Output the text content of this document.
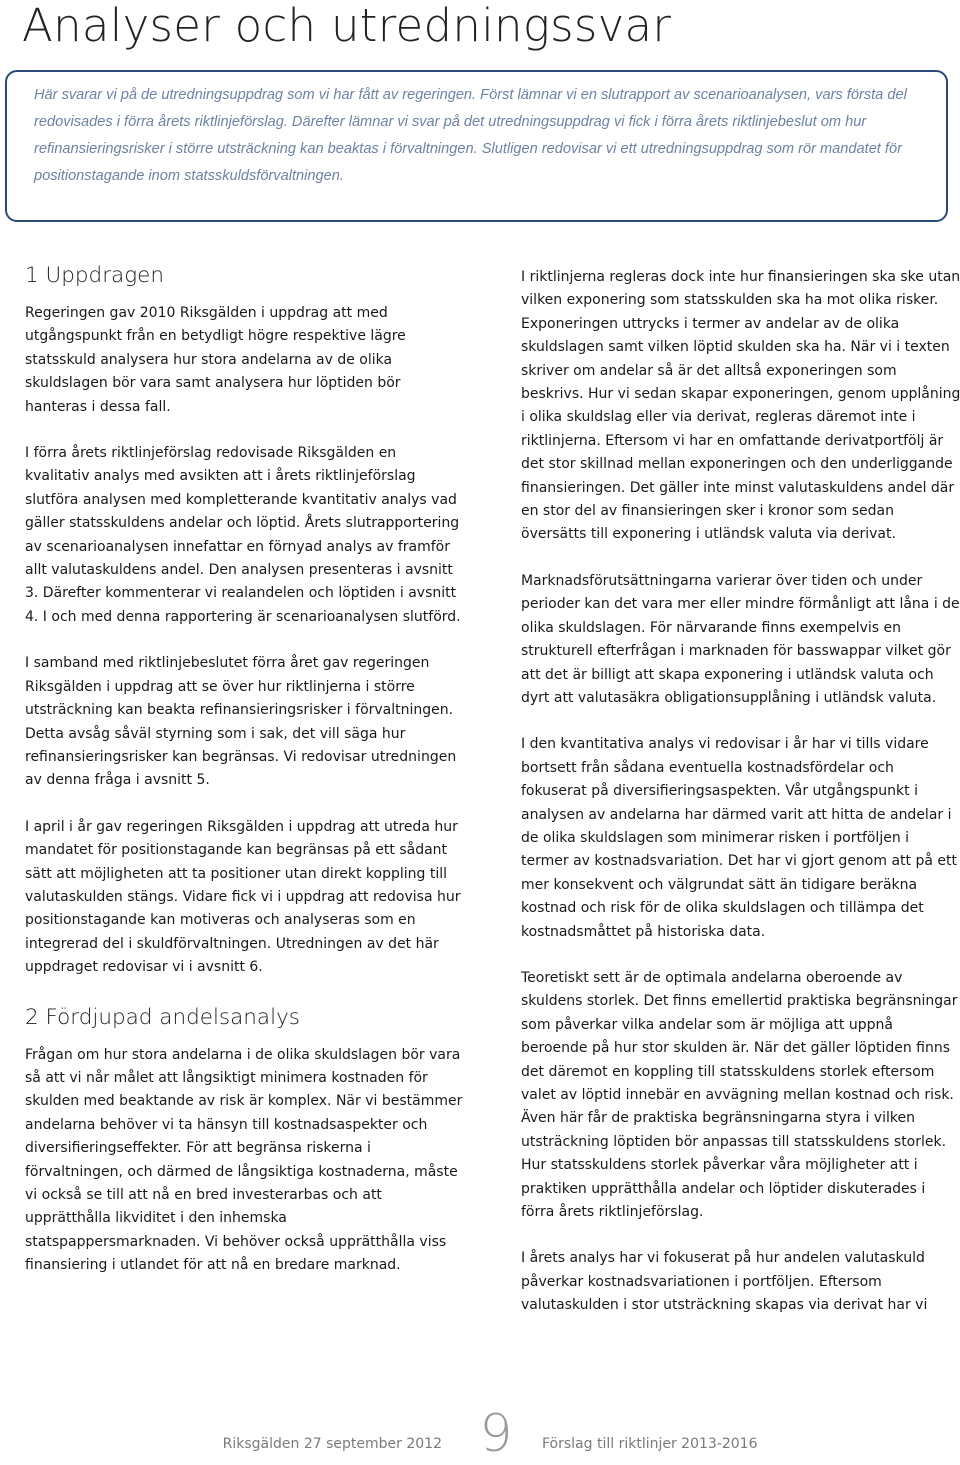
Analyser och utredningssvar

Här svarar vi på de utredningsuppdrag som vi har fått av regeringen. Först lämnar vi en slutrapport av scenarioanalysen, vars första del redovisades i förra årets riktlinjeförslag. Därefter lämnar vi svar på det utredningsuppdrag vi fick i förra årets riktlinjebeslut om hur refinansieringsrisker i större utsträckning kan beaktas i förvaltningen. Slutligen redovisar vi ett utredningsuppdrag som rör mandatet för positionstagande inom statsskuldsförvaltningen.

1 Uppdragen

Regeringen gav 2010 Riksgälden i uppdrag att med utgångspunkt från en betydligt högre respektive lägre statsskuld analysera hur stora andelarna av de olika skuldslagen bör vara samt analysera hur löptiden bör hanteras i dessa fall.

I förra årets riktlinjeförslag redovisade Riksgälden en kvalitativ analys med avsikten att i årets riktlinjeförslag slutföra analysen med kompletterande kvantitativ analys vad gäller statsskuldens andelar och löptid. Årets slutrapportering av scenarioanalysen innefattar en förnyad analys av framför allt valutaskuldens andel. Den analysen presenteras i avsnitt 3. Därefter kommenterar vi realandelen och löptiden i avsnitt 4. I och med denna rapportering är scenarioanalysen slutförd.

I samband med riktlinjebeslutet förra året gav regeringen Riksgälden i uppdrag att se över hur riktlinjerna i större utsträckning kan beakta refinansieringsrisker i förvaltningen. Detta avsåg såväl styrning som i sak, det vill säga hur refinansieringsrisker kan begränsas. Vi redovisar utredningen av denna fråga i avsnitt 5.

I april i år gav regeringen Riksgälden i uppdrag att utreda hur mandatet för positionstagande kan begränsas på ett sådant sätt att möjligheten att ta positioner utan direkt koppling till valutaskulden stängs. Vidare fick vi i uppdrag att redovisa hur positionstagande kan motiveras och analyseras som en integrerad del i skuldförvaltningen. Utredningen av det här uppdraget redovisar vi i avsnitt 6.

2 Fördjupad andelsanalys

Frågan om hur stora andelarna i de olika skuldslagen bör vara så att vi når målet att långsiktigt minimera kostnaden för skulden med beaktande av risk är komplex. När vi bestämmer andelarna behöver vi ta hänsyn till kostnadsaspekter och diversifieringseffekter. För att begränsa riskerna i förvaltningen, och därmed de långsiktiga kostnaderna, måste vi också se till att nå en bred investerarbas och att upprätthålla likviditet i den inhemska statspappersmarknaden. Vi behöver också upprätthålla viss finansiering i utlandet för att nå en bredare marknad.

I riktlinjerna regleras dock inte hur finansieringen ska ske utan vilken exponering som statsskulden ska ha mot olika risker. Exponeringen uttrycks i termer av andelar av de olika skuldslagen samt vilken löptid skulden ska ha. När vi i texten skriver om andelar så är det alltså exponeringen som beskrivs. Hur vi sedan skapar exponeringen, genom upplåning i olika skuldslag eller via derivat, regleras däremot inte i riktlinjerna. Eftersom vi har en omfattande derivatportfölj är det stor skillnad mellan exponeringen och den underliggande finansieringen. Det gäller inte minst valutaskuldens andel där en stor del av finansieringen sker i kronor som sedan översätts till exponering i utländsk valuta via derivat.

Marknadsförutsättningarna varierar över tiden och under perioder kan det vara mer eller mindre förmånligt att låna i de olika skuldslagen. För närvarande finns exempelvis en strukturell efterfrågan i marknaden för basswappar vilket gör att det är billigt att skapa exponering i utländsk valuta och dyrt att valutasäkra obligationsupplåning i utländsk valuta.

I den kvantitativa analys vi redovisar i år har vi tills vidare bortsett från sådana eventuella kostnadsfördelar och fokuserat på diversifieringsaspekten. Vår utgångspunkt i analysen av andelarna har därmed varit att hitta de andelar i de olika skuldslagen som minimerar risken i portföljen i termer av kostnadsvariation. Det har vi gjort genom att på ett mer konsekvent och välgrundat sätt än tidigare beräkna kostnad och risk för de olika skuldslagen och tillämpa det kostnadsmåttet på historiska data.

Teoretiskt sett är de optimala andelarna oberoende av skuldens storlek. Det finns emellertid praktiska begränsningar som påverkar vilka andelar som är möjliga att uppnå beroende på hur stor skulden är. När det gäller löptiden finns det däremot en koppling till statsskuldens storlek eftersom valet av löptid innebär en avvägning mellan kostnad och risk. Även här får de praktiska begränsningarna styra i vilken utsträckning löptiden bör anpassas till statsskuldens storlek. Hur statsskuldens storlek påverkar våra möjligheter att i praktiken upprätthålla andelar och löptider diskuterades i förra årets riktlinjeförslag.

I årets analys har vi fokuserat på hur andelen valutaskuld påverkar kostnadsvariationen i portföljen. Eftersom valutaskulden i stor utsträckning skapas via derivat har vi

Riksgälden 27 september 2012 9 Förslag till riktlinjer 2013-2016
